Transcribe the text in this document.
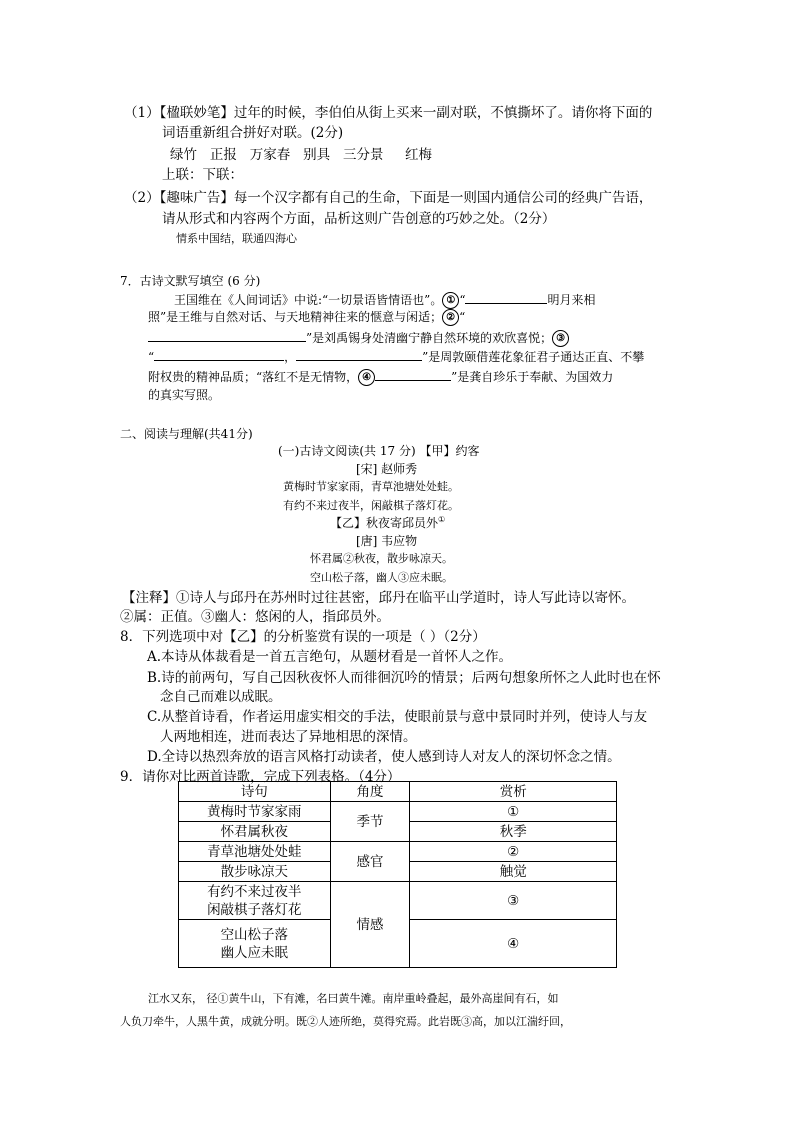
（1）【楹联妙笔】过年的时候，李伯伯从街上买来一副对联，不慎撕坏了。请你将下面的
词语重新组合拼好对联。(2分)
绿竹 正报 万家春 别具 三分景 红梅
上联：下联：
（2）【趣味广告】每一个汉字都有自己的生命，下面是一则国内通信公司的经典广告语，
请从形式和内容两个方面，品析这则广告创意的巧妙之处。（2分）
情系中国结，联通四海心
7．古诗文默写填空 (6 分)
王国维在《人间词话》中说:“一切景语皆情语也”。 ① “	明月来相
照”是王维与自然对话、与天地精神往来的惬意与闲适； ② “
”是刘禹锡身处清幽宁静自然环境的欢欣喜悦； ③
“	，	”是周敦颐借莲花象征君子通达正直、不攀
附权贵的精神品质；“落红不是无情物， ④	”是龚自珍乐于奉献、为国效力
的真实写照。
二、阅读与理解(共41分)
(一)古诗文阅读(共 17 分) 【甲】约客
[宋] 赵师秀
黄梅时节家家雨，青草池塘处处蛙。
有约不来过夜半，闲敲棋子落灯花。
【乙】秋夜寄邱员外①
[唐] 韦应物
怀君属②秋夜，散步咏凉天。
空山松子落，幽人③应未眠。
【注释】①诗人与邱丹在苏州时过往甚密，邱丹在临平山学道时，诗人写此诗以寄怀。
②属：正值。③幽人：悠闲的人，指邱员外。
8．下列选项中对【乙】的分析鉴赏有误的一项是（ ）（2分）
A.本诗从体裁看是一首五言绝句，从题材看是一首怀人之作。
B.诗的前两句，写自己因秋夜怀人而徘徊沉吟的情景；后两句想象所怀之人此时也在怀
念自己而难以成眠。
C.从整首诗看，作者运用虚实相交的手法，使眼前景与意中景同时并列，使诗人与友
人两地相连，进而表达了异地相思的深情。
D.全诗以热烈奔放的语言风格打动读者，使人感到诗人对友人的深切怀念之情。
9．请你对比两首诗歌，完成下列表格。（4分）
诗句	角度	赏析
黄梅时节家家雨	季节	①
怀君属秋夜		秋季
青草池塘处处蛙	感官	②
散步咏凉天		触觉

有约不来过夜半
闲敲棋子落灯花	情感	③

空山松子落
幽人应未眠		④
江水又东， 径①黄牛山，下有滩，名曰黄牛滩。南岸重岭叠起，最外高崖间有石，如
人负刀牵牛，人黑牛黄，成就分明。既②人迹所绝，莫得究焉。此岩既③高，加以江湍纡回，
